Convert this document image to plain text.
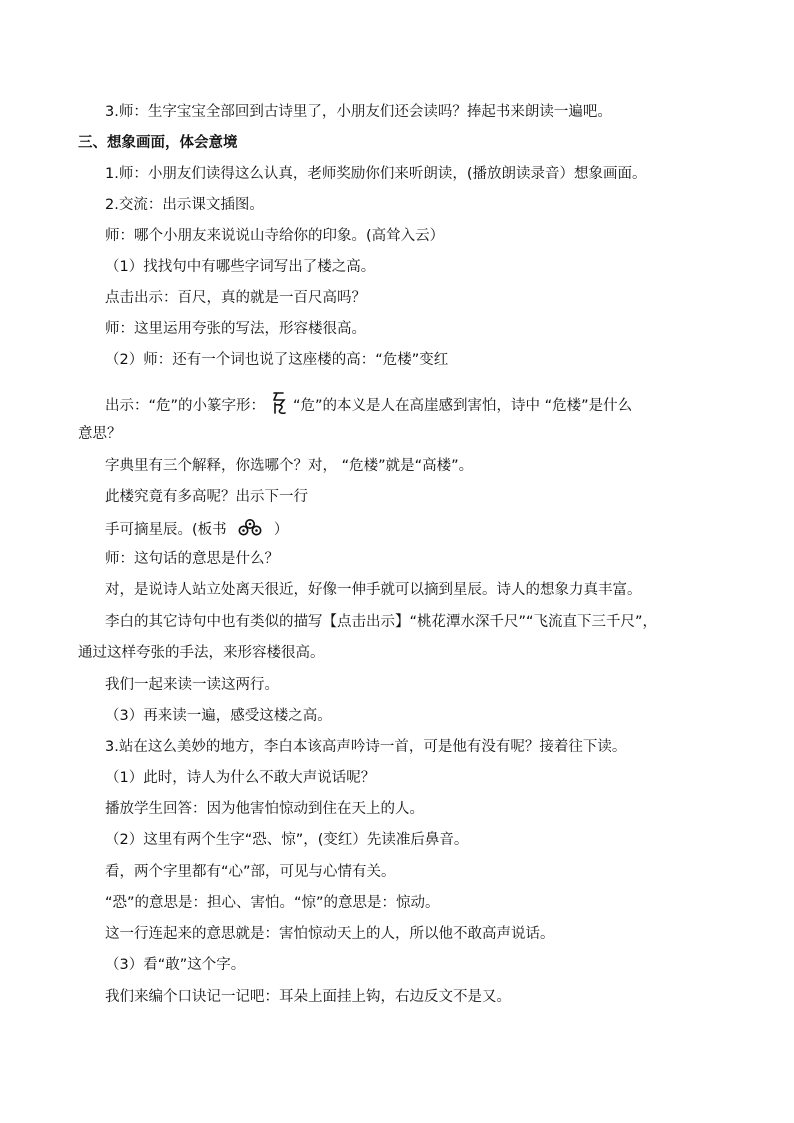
3.师：生字宝宝全部回到古诗里了，小朋友们还会读吗？捧起书来朗读一遍吧。
三、想象画面，体会意境
1.师：小朋友们读得这么认真，老师奖励你们来听朗读，(播放朗读录音）想象画面。
2.交流：出示课文插图。
师：哪个小朋友来说说山寺给你的印象。(高耸入云）
（1）找找句中有哪些字词写出了楼之高。
点击出示：百尺，真的就是一百尺高吗？
师：这里运用夸张的写法，形容楼很高。
（2）师：还有一个词也说了这座楼的高：“危楼”变红
出示：“危”的小篆字形： “危”的本义是人在高崖感到害怕，诗中 “危楼”是什么
意思？
字典里有三个解释，你选哪个？对， “危楼”就是“高楼”。
此楼究竟有多高呢？出示下一行
手可摘星辰。(板书	）
师：这句话的意思是什么？
对，是说诗人站立处离天很近，好像一伸手就可以摘到星辰。诗人的想象力真丰富。
李白的其它诗句中也有类似的描写【点击出示】“桃花潭水深千尺”“飞流直下三千尺”，
通过这样夸张的手法，来形容楼很高。
我们一起来读一读这两行。
（3）再来读一遍，感受这楼之高。
3.站在这么美妙的地方，李白本该高声吟诗一首，可是他有没有呢？接着往下读。
（1）此时，诗人为什么不敢大声说话呢？
播放学生回答：因为他害怕惊动到住在天上的人。
（2）这里有两个生字“恐、惊”，(变红）先读准后鼻音。
看，两个字里都有“心”部，可见与心情有关。
“恐”的意思是：担心、害怕。“惊”的意思是：惊动。
这一行连起来的意思就是：害怕惊动天上的人，所以他不敢高声说话。
（3）看“敢”这个字。
我们来编个口诀记一记吧：耳朵上面挂上钩，右边反文不是又。
